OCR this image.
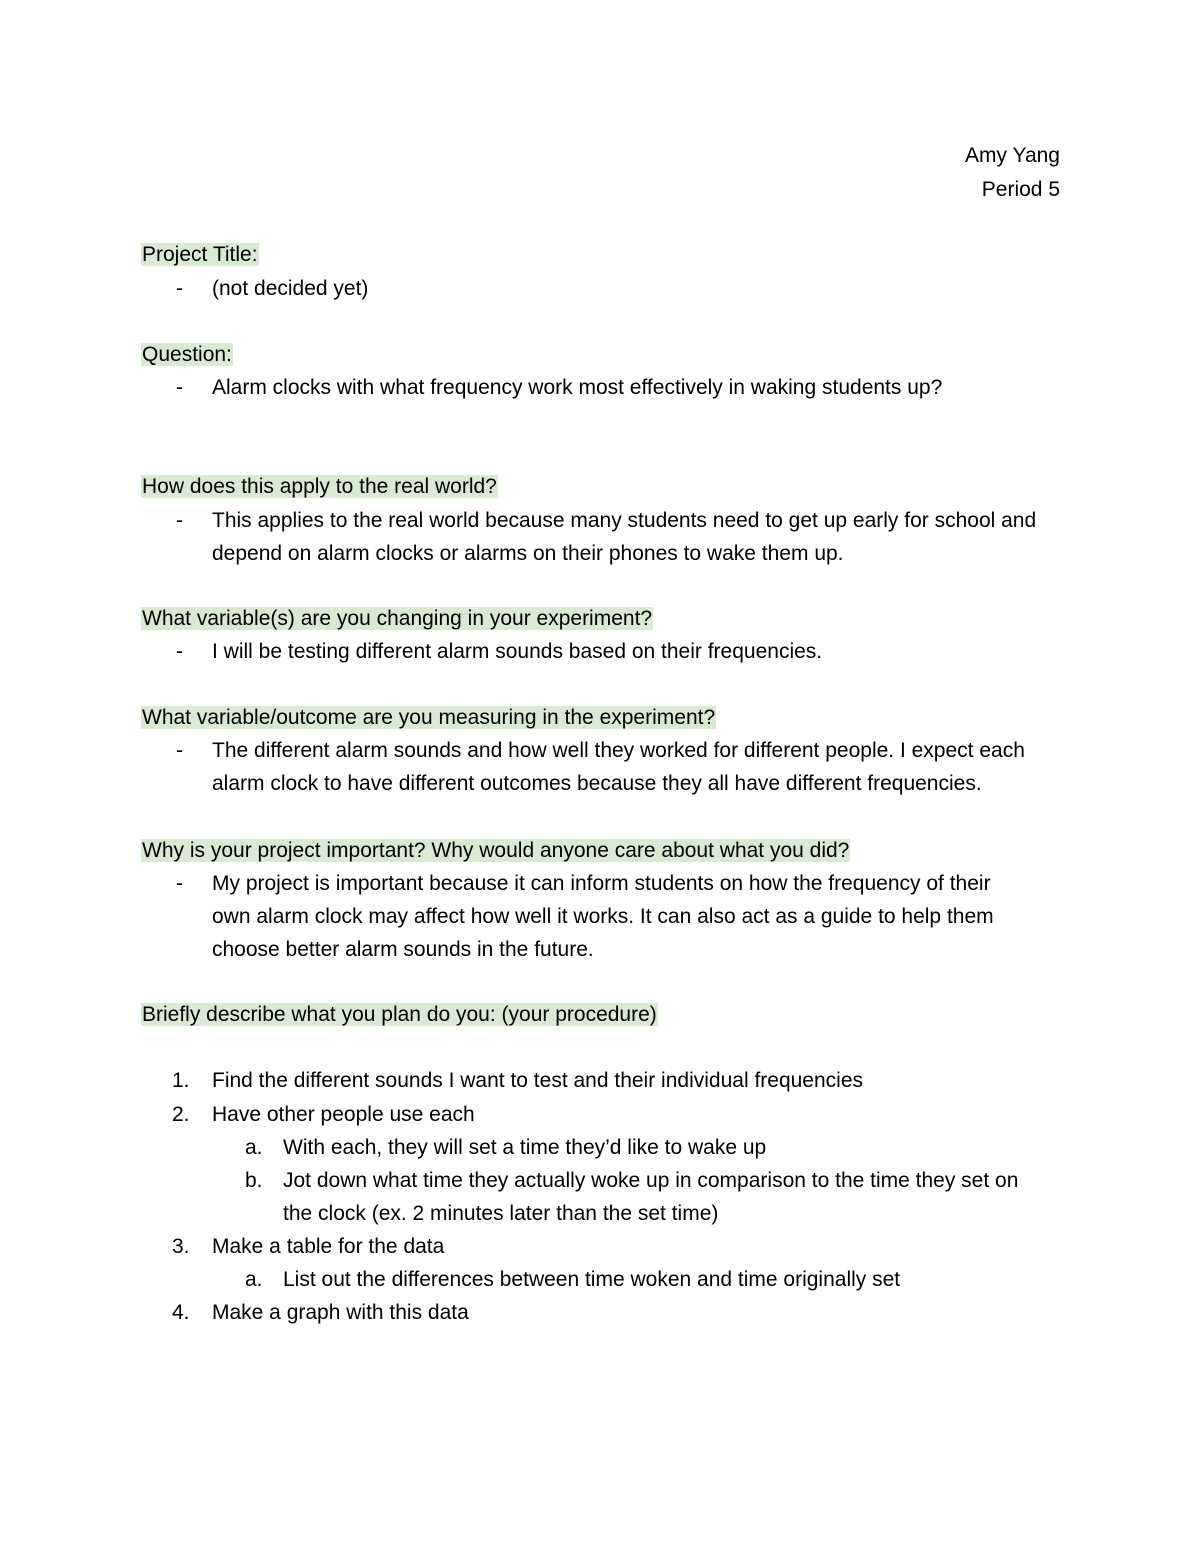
Amy Yang
Period 5
Project Title:
- (not decided yet)
Question:
- Alarm clocks with what frequency work most effectively in waking students up?
How does this apply to the real world?
- This applies to the real world because many students need to get up early for school and
depend on alarm clocks or alarms on their phones to wake them up.
What variable(s) are you changing in your experiment?
- I will be testing different alarm sounds based on their frequencies.
What variable/outcome are you measuring in the experiment?
- The different alarm sounds and how well they worked for different people. I expect each
alarm clock to have different outcomes because they all have different frequencies.
Why is your project important? Why would anyone care about what you did?
- My project is important because it can inform students on how the frequency of their
own alarm clock may affect how well it works. It can also act as a guide to help them
choose better alarm sounds in the future.
Briefly describe what you plan do you: (your procedure)
1. Find the different sounds I want to test and their individual frequencies
2. Have other people use each
a. With each, they will set a time they’d like to wake up
b. Jot down what time they actually woke up in comparison to the time they set on
the clock (ex. 2 minutes later than the set time)
3. Make a table for the data
a. List out the differences between time woken and time originally set
4. Make a graph with this data
